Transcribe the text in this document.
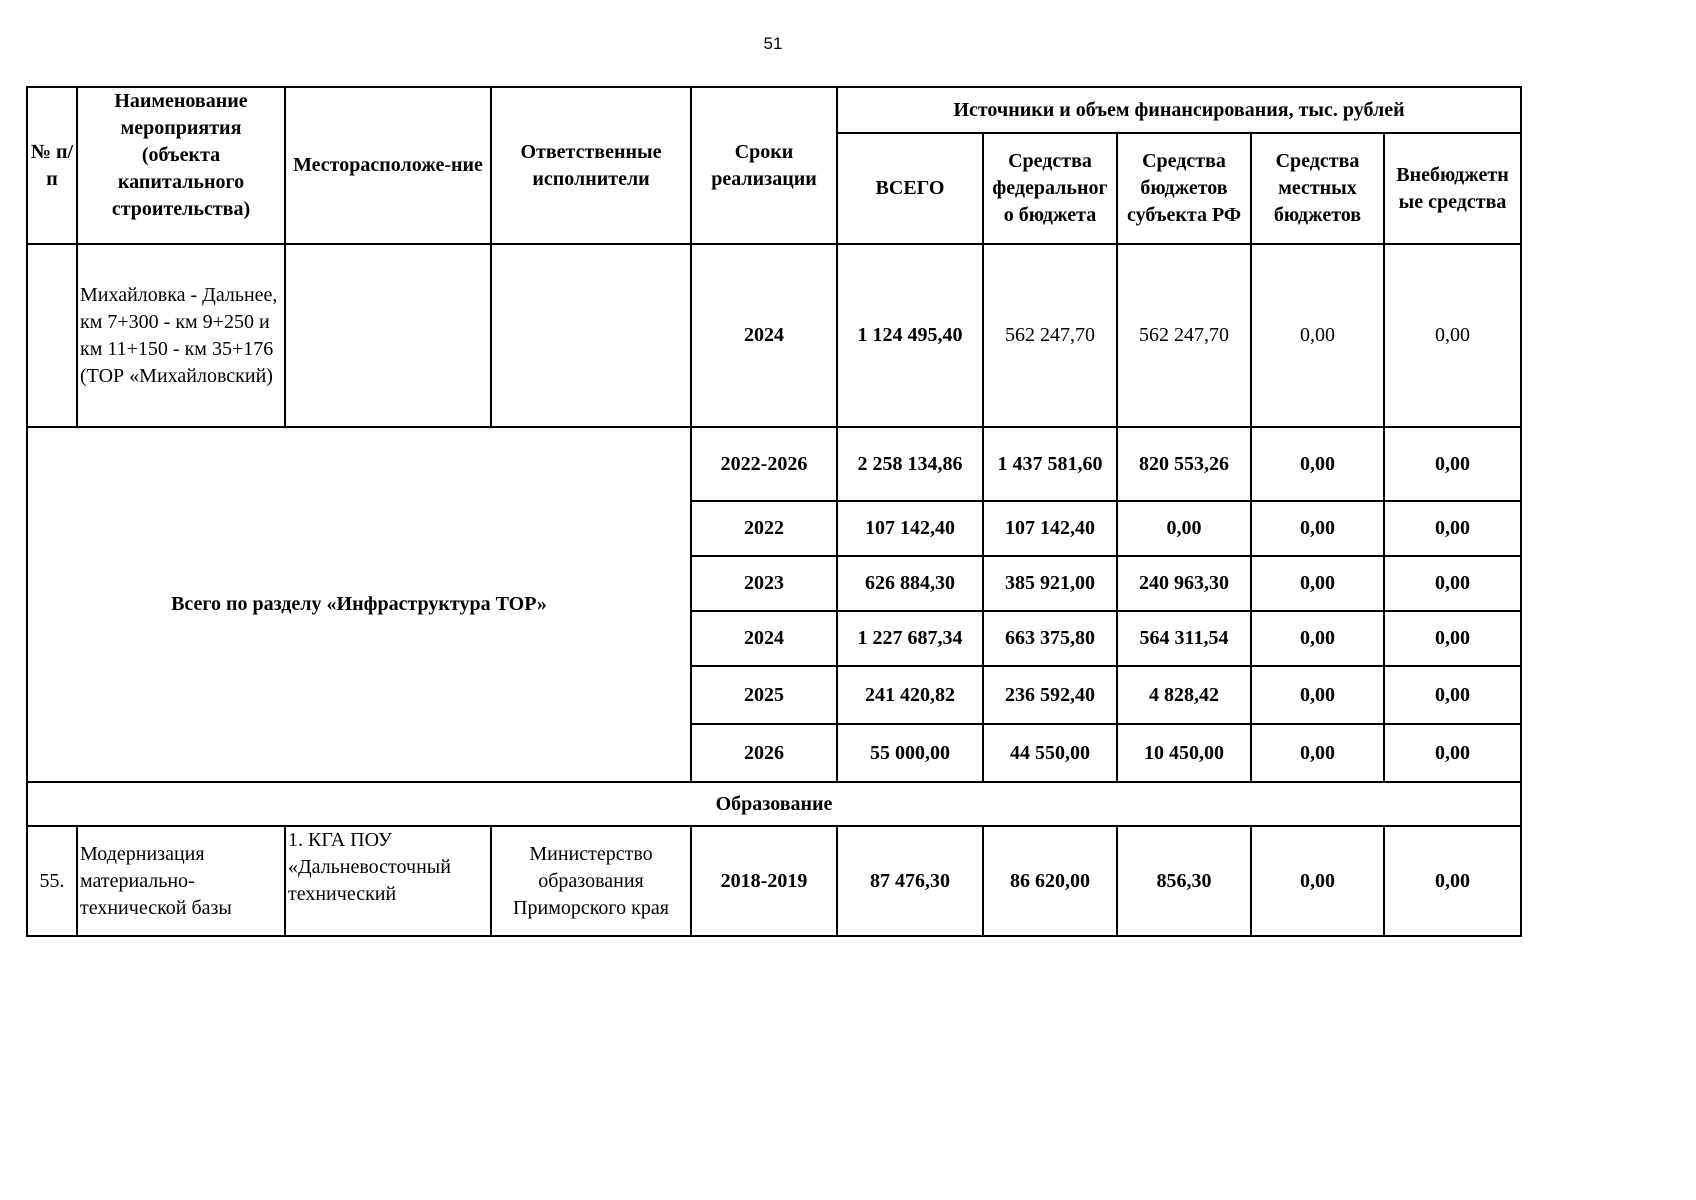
51
№ п/п	Наименование мероприятия (объекта капитального строительства)	Месторасположе-ние	Ответственные исполнители	Сроки реализации	Источники и объем финансирования, тыс. рублей				
					ВСЕГО	Средства федеральног о бюджета	Средства бюджетов субъекта РФ	Средства местных бюджетов	Внебюджетн ые средства
	Михайловка - Дальнее, км 7+300 - км 9+250 и км 11+150 - км 35+176 (ТОР «Михайловский)			2024	1 124 495,40	562 247,70	562 247,70	0,00	0,00
Всего по разделу «Инфраструктура ТОР»				2022-2026	2 258 134,86	1 437 581,60	820 553,26	0,00	0,00
				2022	107 142,40	107 142,40	0,00	0,00	0,00
				2023	626 884,30	385 921,00	240 963,30	0,00	0,00
				2024	1 227 687,34	663 375,80	564 311,54	0,00	0,00
				2025	241 420,82	236 592,40	4 828,42	0,00	0,00
				2026	55 000,00	44 550,00	10 450,00	0,00	0,00
Образование									
55.	Модернизация материально-технической базы	1. КГА ПОУ «Дальневосточный технический	Министерство образования Приморского края	2018-2019	87 476,30	86 620,00	856,30	0,00	0,00
